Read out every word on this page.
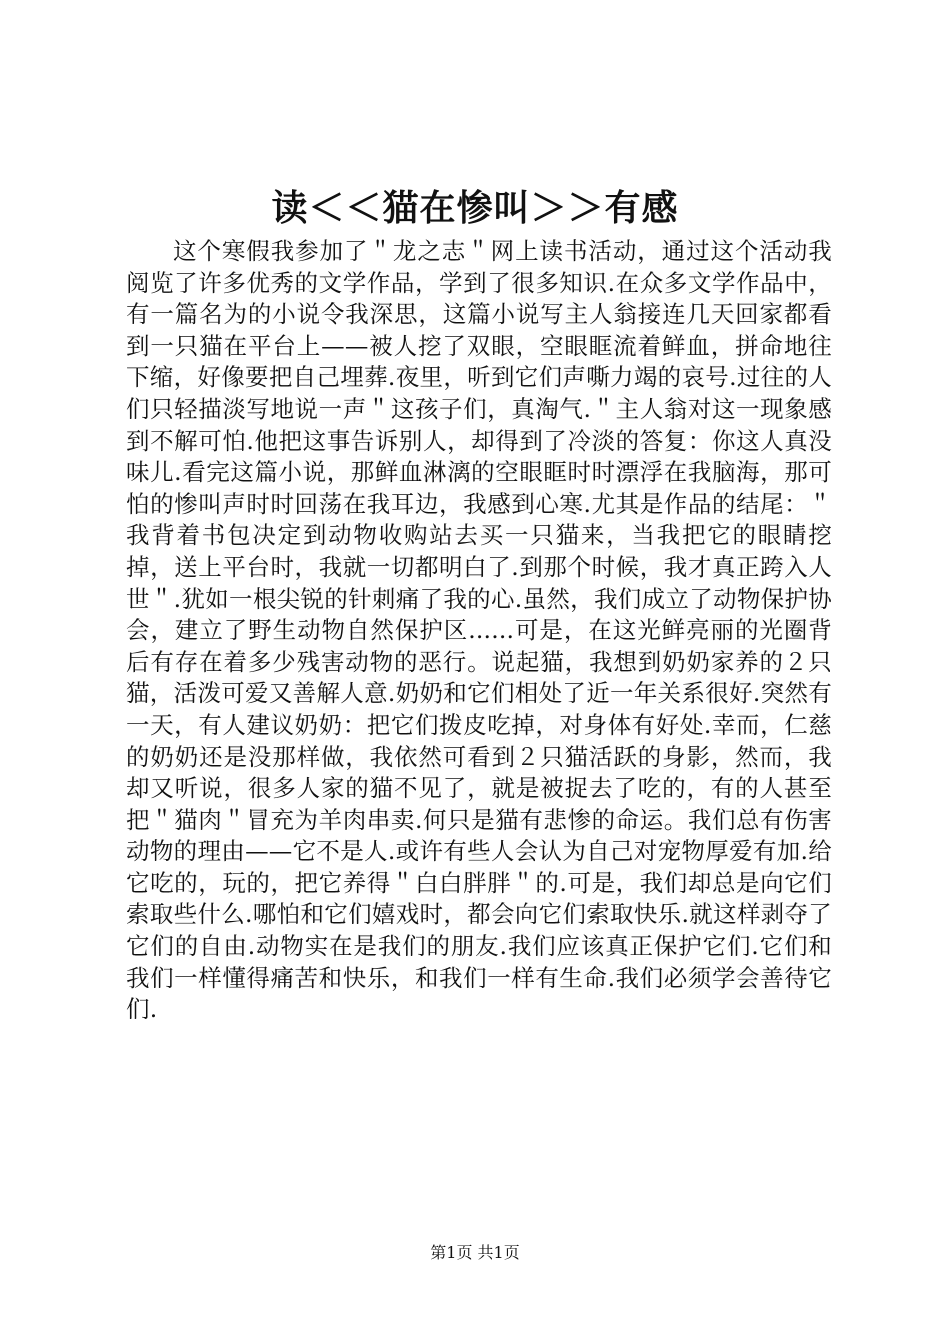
读＜＜猫在惨叫＞＞有感

这个寒假我参加了＂龙之志＂网上读书活动，通过这个活动我阅览了许多优秀的文学作品，学到了很多知识.在众多文学作品中，有一篇名为的小说令我深思，这篇小说写主人翁接连几天回家都看到一只猫在平台上——被人挖了双眼，空眼眶流着鲜血，拼命地往下缩，好像要把自己埋葬.夜里，听到它们声嘶力竭的哀号.过往的人们只轻描淡写地说一声＂这孩子们，真淘气.＂主人翁对这一现象感到不解可怕.他把这事告诉别人，却得到了冷淡的答复：你这人真没味儿.看完这篇小说，那鲜血淋漓的空眼眶时时漂浮在我脑海，那可怕的惨叫声时时回荡在我耳边，我感到心寒.尤其是作品的结尾：＂我背着书包决定到动物收购站去买一只猫来，当我把它的眼睛挖掉，送上平台时，我就一切都明白了.到那个时候，我才真正跨入人世＂.犹如一根尖锐的针刺痛了我的心.虽然，我们成立了动物保护协会，建立了野生动物自然保护区......可是，在这光鲜亮丽的光圈背后有存在着多少残害动物的恶行。说起猫，我想到奶奶家养的２只猫，活泼可爱又善解人意.奶奶和它们相处了近一年关系很好.突然有一天，有人建议奶奶：把它们拨皮吃掉，对身体有好处.幸而，仁慈的奶奶还是没那样做，我依然可看到２只猫活跃的身影，然而，我却又听说，很多人家的猫不见了，就是被捉去了吃的，有的人甚至把＂猫肉＂冒充为羊肉串卖.何只是猫有悲惨的命运。我们总有伤害动物的理由——它不是人.或许有些人会认为自己对宠物厚爱有加.给它吃的，玩的，把它养得＂白白胖胖＂的.可是，我们却总是向它们索取些什么.哪怕和它们嬉戏时，都会向它们索取快乐.就这样剥夺了它们的自由.动物实在是我们的朋友.我们应该真正保护它们.它们和我们一样懂得痛苦和快乐，和我们一样有生命.我们必须学会善待它们.

第1页 共1页
